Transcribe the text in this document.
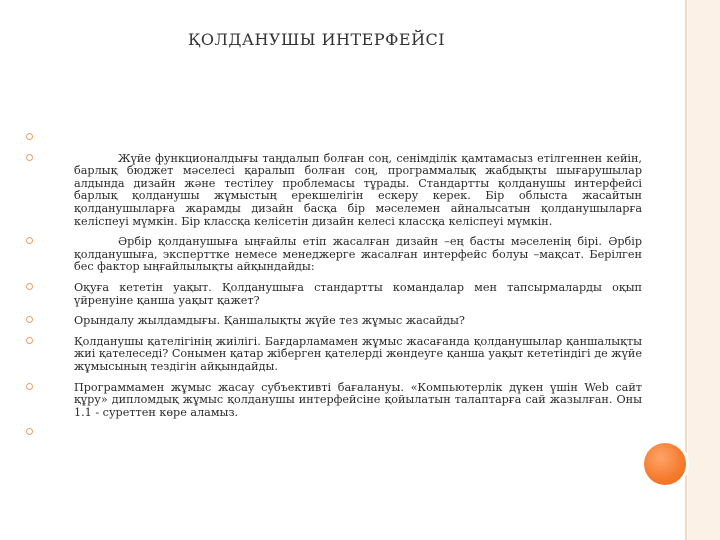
ҚОЛДАНУШЫ ИНТЕРФЕЙСІ
Жүйе функционалдығы таңдалып болған соң, сенімділік қамтамасыз етілгеннен кейін, барлық бюджет мәселесі қаралып болған соң, программалық жабдықты шығарушылар алдында дизайн және тестілеу проблемасы тұрады. Стандартты қолданушы интерфейсі барлық қолданушы жұмыстың ерекшелігін ескеру керек. Бір облыста жасайтын қолданушыларға жарамды дизайн басқа бір мәселемен айналысатын қолданушыларға келіспеуі мүмкін. Бір классқа келісетін дизайн келесі классқа келіспеуі мүмкін.
Әрбір қолданушыға ыңғайлы етіп жасалған дизайн –ең басты мәселенің бірі. Әрбір қолданушыға, эксперттке немесе менеджерге жасалған интерфейс болуы –мақсат. Берілген бес фактор ыңғайлылықты айқындайды:
Оқуға кететін уақыт. Қолданушыға стандартты командалар мен тапсырмаларды оқып үйренуіне қанша уақыт қажет?
Орындалу жылдамдығы. Қаншалықты жүйе тез жұмыс жасайды?
Қолданушы қателігінің жиілігі. Бағдарламамен жұмыс жасағанда қолданушылар қаншалықты жиі қателеседі? Сонымен қатар жіберген қателерді жөндеуге қанша уақыт кететіндігі де жүйе жұмысының тездігін айқындайды.
Программамен жұмыс жасау субъективті бағалануы. «Компьютерлік дүкен үшін Web сайт құру» дипломдық жұмыс қолданушы интерфейсіне қойылатын талаптарға сай жазылған. Оны 1.1 - суреттен көре аламыз.
